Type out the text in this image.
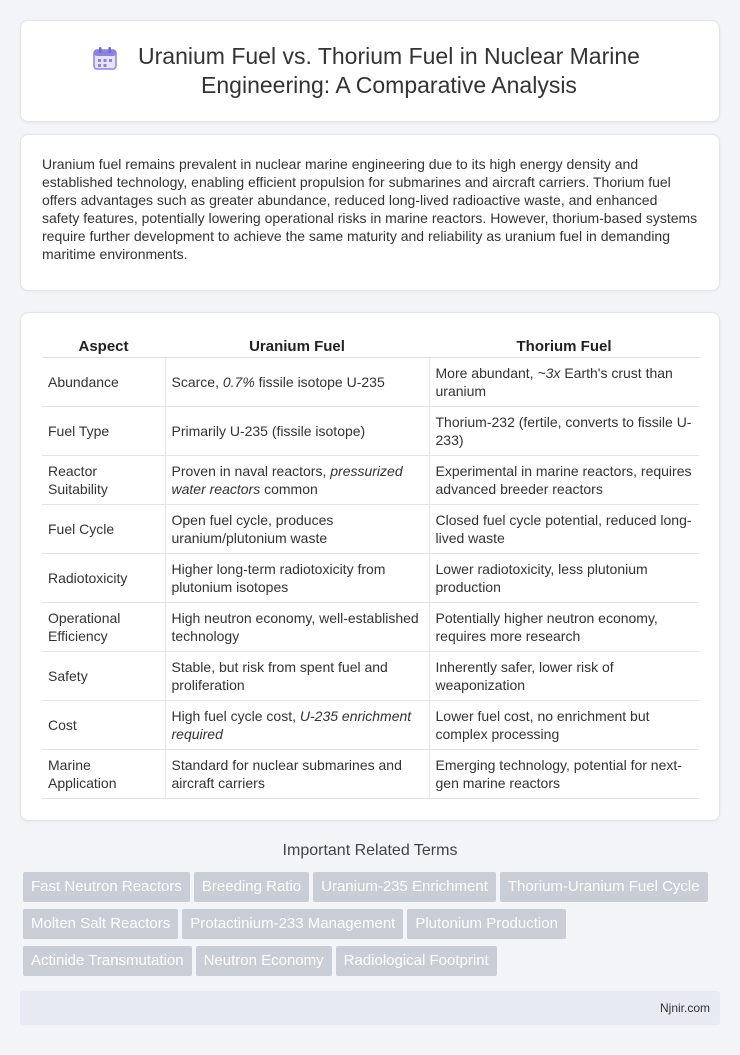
Uranium Fuel vs. Thorium Fuel in Nuclear Marine Engineering: A Comparative Analysis

Uranium fuel remains prevalent in nuclear marine engineering due to its high energy density and established technology, enabling efficient propulsion for submarines and aircraft carriers. Thorium fuel offers advantages such as greater abundance, reduced long-lived radioactive waste, and enhanced safety features, potentially lowering operational risks in marine reactors. However, thorium-based systems require further development to achieve the same maturity and reliability as uranium fuel in demanding maritime environments.

Aspect	Uranium Fuel	Thorium Fuel
Abundance	Scarce, 0.7% fissile isotope U-235	More abundant, ~3x Earth's crust than uranium
Fuel Type	Primarily U-235 (fissile isotope)	Thorium-232 (fertile, converts to fissile U-233)
Reactor Suitability	Proven in naval reactors, pressurized water reactors common	Experimental in marine reactors, requires advanced breeder reactors
Fuel Cycle	Open fuel cycle, produces uranium/plutonium waste	Closed fuel cycle potential, reduced long-lived waste
Radiotoxicity	Higher long-term radiotoxicity from plutonium isotopes	Lower radiotoxicity, less plutonium production
Operational Efficiency	High neutron economy, well-established technology	Potentially higher neutron economy, requires more research
Safety	Stable, but risk from spent fuel and proliferation	Inherently safer, lower risk of weaponization
Cost	High fuel cycle cost, U-235 enrichment required	Lower fuel cost, no enrichment but complex processing
Marine Application	Standard for nuclear submarines and aircraft carriers	Emerging technology, potential for next-gen marine reactors
Important Related Terms
Fast Neutron Reactors Breeding Ratio Uranium-235 Enrichment Thorium-Uranium Fuel CycleMolten Salt Reactors Protactinium-233 Management Plutonium ProductionActinide Transmutation Neutron Economy Radiological Footprint
Njnir.com
